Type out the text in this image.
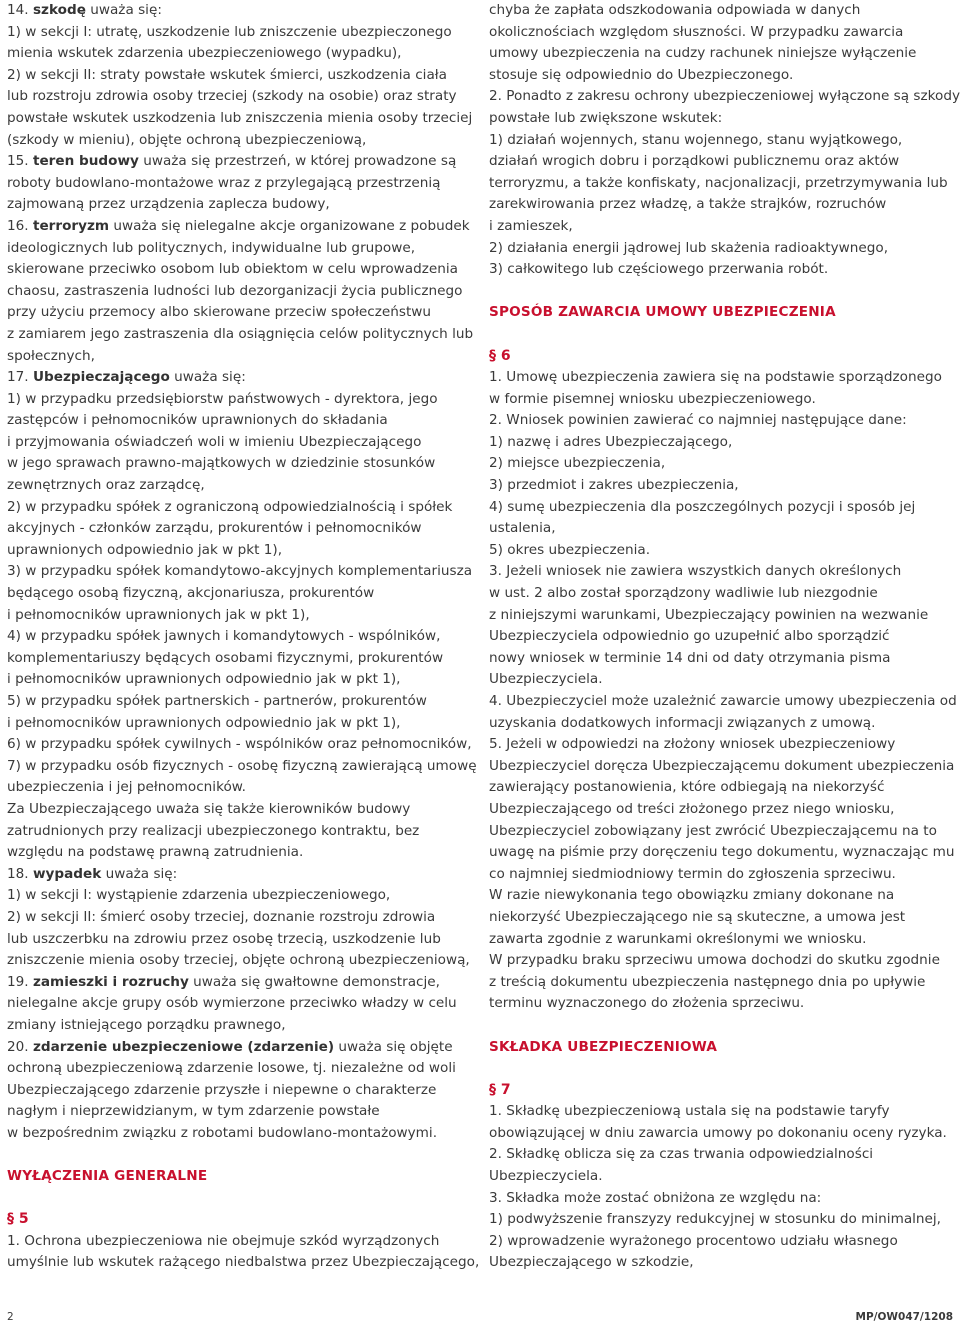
14. szkodę uważa się:
1) w sekcji I: utratę, uszkodzenie lub zniszczenie ubezpieczonego
mienia wskutek zdarzenia ubezpieczeniowego (wypadku),
2) w sekcji II: straty powstałe wskutek śmierci, uszkodzenia ciała
lub rozstroju zdrowia osoby trzeciej (szkody na osobie) oraz straty
powstałe wskutek uszkodzenia lub zniszczenia mienia osoby trzeciej
(szkody w mieniu), objęte ochroną ubezpieczeniową,
15. teren budowy uważa się przestrzeń, w której prowadzone są
roboty budowlano-montażowe wraz z przylegającą przestrzenią
zajmowaną przez urządzenia zaplecza budowy,
16. terroryzm uważa się nielegalne akcje organizowane z pobudek
ideologicznych lub politycznych, indywidualne lub grupowe,
skierowane przeciwko osobom lub obiektom w celu wprowadzenia
chaosu, zastraszenia ludności lub dezorganizacji życia publicznego
przy użyciu przemocy albo skierowane przeciw społeczeństwu
z zamiarem jego zastraszenia dla osiągnięcia celów politycznych lub
społecznych,
17. Ubezpieczającego uważa się:
1) w przypadku przedsiębiorstw państwowych - dyrektora, jego
zastępców i pełnomocników uprawnionych do składania
i przyjmowania oświadczeń woli w imieniu Ubezpieczającego
w jego sprawach prawno-majątkowych w dziedzinie stosunków
zewnętrznych oraz zarządcę,
2) w przypadku spółek z ograniczoną odpowiedzialnością i spółek
akcyjnych - członków zarządu, prokurentów i pełnomocników
uprawnionych odpowiednio jak w pkt 1),
3) w przypadku spółek komandytowo-akcyjnych komplementariusza
będącego osobą fizyczną, akcjonariusza, prokurentów
i pełnomocników uprawnionych jak w pkt 1),
4) w przypadku spółek jawnych i komandytowych - wspólników,
komplementariuszy będących osobami fizycznymi, prokurentów
i pełnomocników uprawnionych odpowiednio jak w pkt 1),
5) w przypadku spółek partnerskich - partnerów, prokurentów
i pełnomocników uprawnionych odpowiednio jak w pkt 1),
6) w przypadku spółek cywilnych - wspólników oraz pełnomocników,
7) w przypadku osób fizycznych - osobę fizyczną zawierającą umowę
ubezpieczenia i jej pełnomocników.
Za Ubezpieczającego uważa się także kierowników budowy
zatrudnionych przy realizacji ubezpieczonego kontraktu, bez
względu na podstawę prawną zatrudnienia.
18. wypadek uważa się:
1) w sekcji I: wystąpienie zdarzenia ubezpieczeniowego,
2) w sekcji II: śmierć osoby trzeciej, doznanie rozstroju zdrowia
lub uszczerbku na zdrowiu przez osobę trzecią, uszkodzenie lub
zniszczenie mienia osoby trzeciej, objęte ochroną ubezpieczeniową,
19. zamieszki i rozruchy uważa się gwałtowne demonstracje,
nielegalne akcje grupy osób wymierzone przeciwko władzy w celu
zmiany istniejącego porządku prawnego,
20. zdarzenie ubezpieczeniowe (zdarzenie) uważa się objęte
ochroną ubezpieczeniową zdarzenie losowe, tj. niezależne od woli
Ubezpieczającego zdarzenie przyszłe i niepewne o charakterze
nagłym i nieprzewidzianym, w tym zdarzenie powstałe
w bezpośrednim związku z robotami budowlano-montażowymi.
WYŁĄCZENIA GENERALNE
§ 5
1. Ochrona ubezpieczeniowa nie obejmuje szkód wyrządzonych
umyślnie lub wskutek rażącego niedbalstwa przez Ubezpieczającego,
chyba że zapłata odszkodowania odpowiada w danych
okolicznościach względom słuszności. W przypadku zawarcia
umowy ubezpieczenia na cudzy rachunek niniejsze wyłączenie
stosuje się odpowiednio do Ubezpieczonego.
2. Ponadto z zakresu ochrony ubezpieczeniowej wyłączone są szkody
powstałe lub zwiększone wskutek:
1) działań wojennych, stanu wojennego, stanu wyjątkowego,
działań wrogich dobru i porządkowi publicznemu oraz aktów
terroryzmu, a także konfiskaty, nacjonalizacji, przetrzymywania lub
zarekwirowania przez władzę, a także strajków, rozruchów
i zamieszek,
2) działania energii jądrowej lub skażenia radioaktywnego,
3) całkowitego lub częściowego przerwania robót.
SPOSÓB ZAWARCIA UMOWY UBEZPIECZENIA
§ 6
1. Umowę ubezpieczenia zawiera się na podstawie sporządzonego
w formie pisemnej wniosku ubezpieczeniowego.
2. Wniosek powinien zawierać co najmniej następujące dane:
1) nazwę i adres Ubezpieczającego,
2) miejsce ubezpieczenia,
3) przedmiot i zakres ubezpieczenia,
4) sumę ubezpieczenia dla poszczególnych pozycji i sposób jej
ustalenia,
5) okres ubezpieczenia.
3. Jeżeli wniosek nie zawiera wszystkich danych określonych
w ust. 2 albo został sporządzony wadliwie lub niezgodnie
z niniejszymi warunkami, Ubezpieczający powinien na wezwanie
Ubezpieczyciela odpowiednio go uzupełnić albo sporządzić
nowy wniosek w terminie 14 dni od daty otrzymania pisma
Ubezpieczyciela.
4. Ubezpieczyciel może uzależnić zawarcie umowy ubezpieczenia od
uzyskania dodatkowych informacji związanych z umową.
5. Jeżeli w odpowiedzi na złożony wniosek ubezpieczeniowy
Ubezpieczyciel doręcza Ubezpieczającemu dokument ubezpieczenia
zawierający postanowienia, które odbiegają na niekorzyść
Ubezpieczającego od treści złożonego przez niego wniosku,
Ubezpieczyciel zobowiązany jest zwrócić Ubezpieczającemu na to
uwagę na piśmie przy doręczeniu tego dokumentu, wyznaczając mu
co najmniej siedmiodniowy termin do zgłoszenia sprzeciwu.
W razie niewykonania tego obowiązku zmiany dokonane na
niekorzyść Ubezpieczającego nie są skuteczne, a umowa jest
zawarta zgodnie z warunkami określonymi we wniosku.
W przypadku braku sprzeciwu umowa dochodzi do skutku zgodnie
z treścią dokumentu ubezpieczenia następnego dnia po upływie
terminu wyznaczonego do złożenia sprzeciwu.
SKŁADKA UBEZPIECZENIOWA
§ 7
1. Składkę ubezpieczeniową ustala się na podstawie taryfy
obowiązującej w dniu zawarcia umowy po dokonaniu oceny ryzyka.
2. Składkę oblicza się za czas trwania odpowiedzialności
Ubezpieczyciela.
3. Składka może zostać obniżona ze względu na:
1) podwyższenie franszyzy redukcyjnej w stosunku do minimalnej,
2) wprowadzenie wyrażonego procentowo udziału własnego
Ubezpieczającego w szkodzie,
2	MP/OW047/1208
